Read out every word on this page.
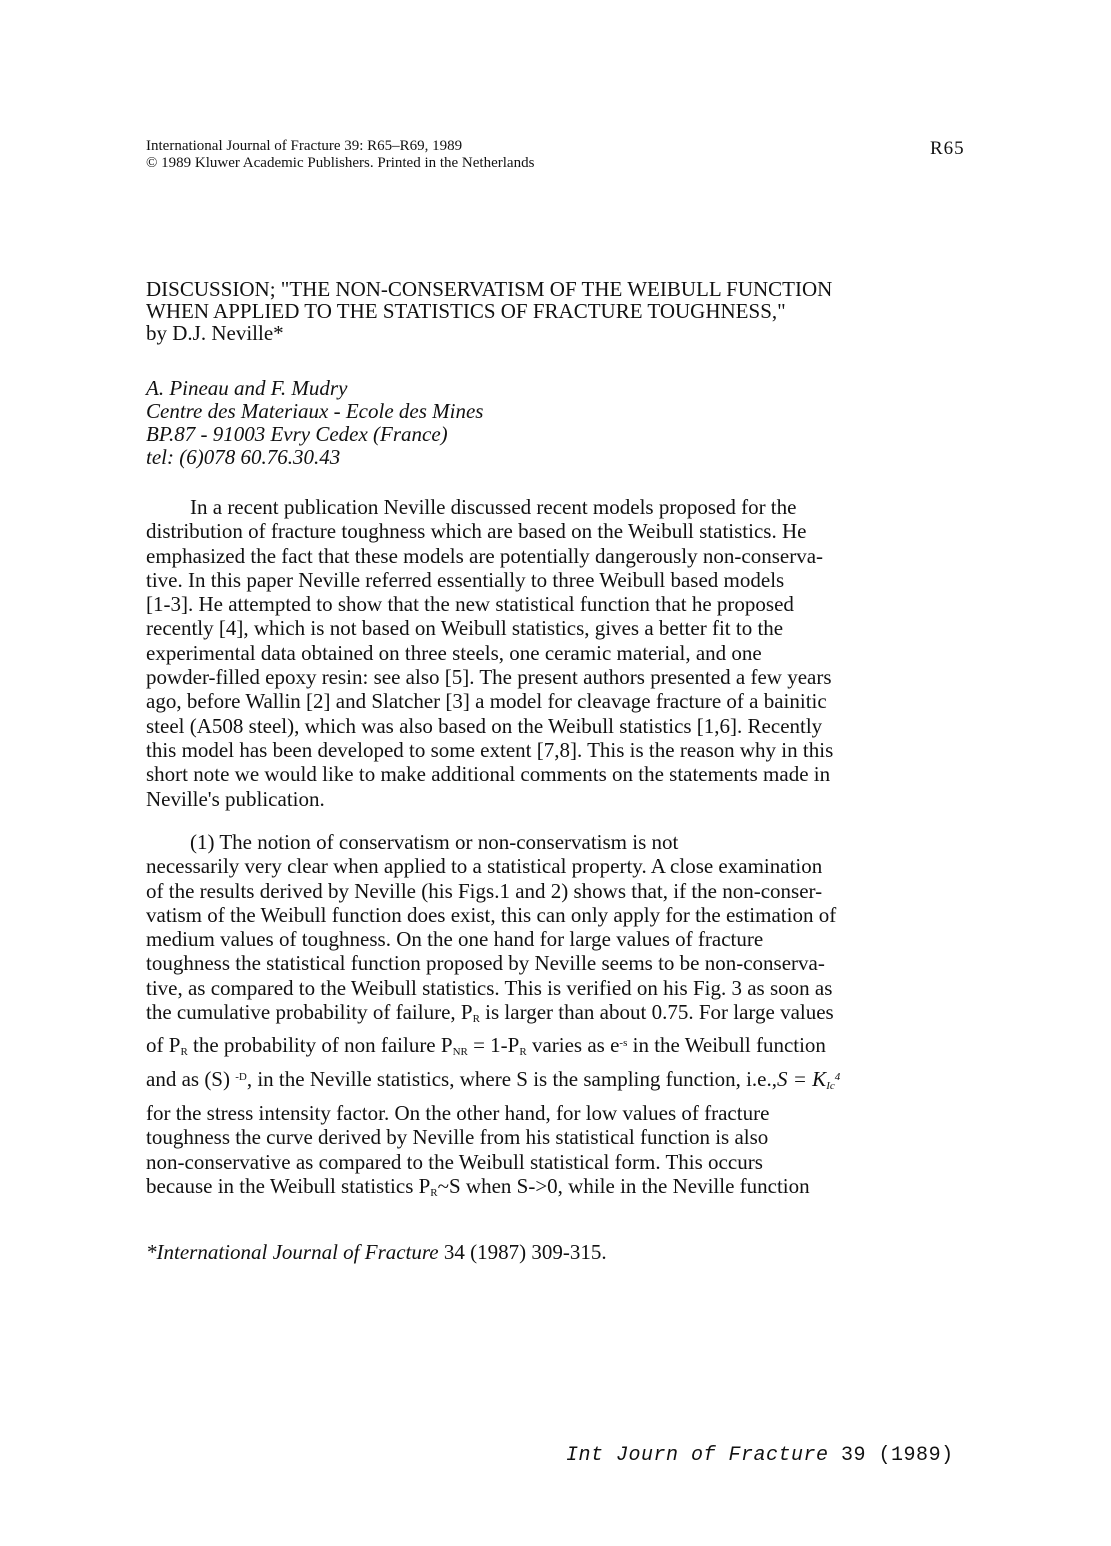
International Journal of Fracture 39: R65–R69, 1989
© 1989 Kluwer Academic Publishers. Printed in the Netherlands
R65
DISCUSSION; "THE NON-CONSERVATISM OF THE WEIBULL FUNCTION
WHEN APPLIED TO THE STATISTICS OF FRACTURE TOUGHNESS,"
by D.J. Neville*
A. Pineau and F. Mudry
Centre des Materiaux - Ecole des Mines
BP.87 - 91003 Evry Cedex (France)
tel: (6)078 60.76.30.43
In a recent publication Neville discussed recent models proposed for the
distribution of fracture toughness which are based on the Weibull statistics. He
emphasized the fact that these models are potentially dangerously non-conserva-
tive. In this paper Neville referred essentially to three Weibull based models
[1-3]. He attempted to show that the new statistical function that he proposed
recently [4], which is not based on Weibull statistics, gives a better fit to the
experimental data obtained on three steels, one ceramic material, and one
powder-filled epoxy resin: see also [5]. The present authors presented a few years
ago, before Wallin [2] and Slatcher [3] a model for cleavage fracture of a bainitic
steel (A508 steel), which was also based on the Weibull statistics [1,6]. Recently
this model has been developed to some extent [7,8]. This is the reason why in this
short note we would like to make additional comments on the statements made in
Neville's publication.
(1) The notion of conservatism or non-conservatism is not
necessarily very clear when applied to a statistical property. A close examination
of the results derived by Neville (his Figs.1 and 2) shows that, if the non-conser-
vatism of the Weibull function does exist, this can only apply for the estimation of
medium values of toughness. On the one hand for large values of fracture
toughness the statistical function proposed by Neville seems to be non-conserva-
tive, as compared to the Weibull statistics. This is verified on his Fig. 3 as soon as
the cumulative probability of failure, $P_R$ is larger than about 0.75. For large values
of $P_R$ the probability of non failure $P_{NR} = 1-P_R$ varies as $e^{-s}$ in the Weibull function
and as (S) $^{-D}$, in the Neville statistics, where S is the sampling function, $i.e.,S = K_{Ic}^4$
for the stress intensity factor. On the other hand, for low values of fracture
toughness the curve derived by Neville from his statistical function is also
non-conservative as compared to the Weibull statistical form. This occurs
because in the Weibull statistics $P_R\sim S$ when S->0, while in the Neville function
*International Journal of Fracture 34 (1987) 309-315.
Int Journ of Fracture 39 (1989)
